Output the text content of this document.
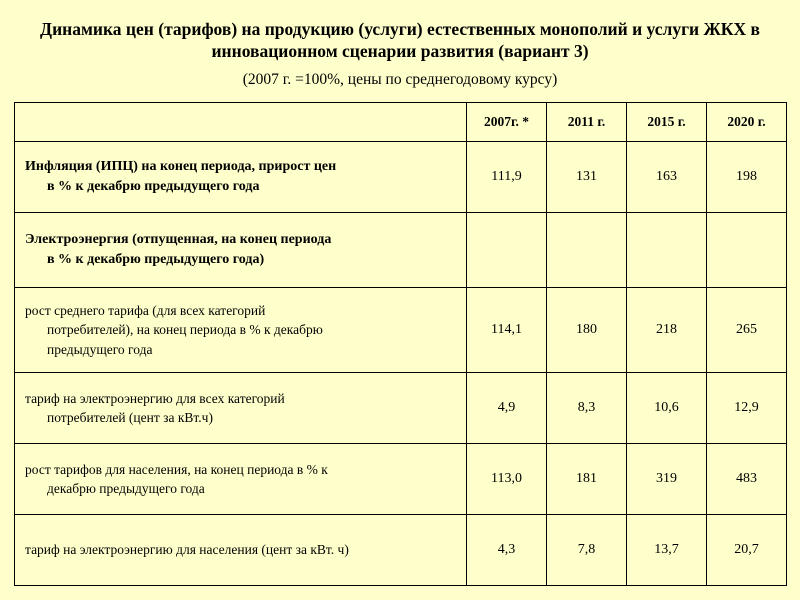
Динамика цен (тарифов) на продукцию (услуги) естественных монополий и услуги ЖКХ в инновационном сценарии развития (вариант 3)
(2007 г. =100%, цены по среднегодовому курсу)
	2007г. *	2011 г.	2015 г.	2020 г.
Инфляция (ИПЦ) на конец периода, прирост цен
в % к декабрю предыдущего года	111,9	131	163	198
Электроэнергия (отпущенная, на конец периода
в % к декабрю предыдущего года)				

рост среднего тарифа (для всех категорий
потребителей), на конец периода в % к декабрю
предыдущего года	114,1	180	218	265
тариф на электроэнергию для всех категорий
потребителей (цент за кВт.ч)	4,9	8,3	10,6	12,9
рост тарифов для населения, на конец периода в % к
декабрю предыдущего года	113,0	181	319	483
тариф на электроэнергию для населения (цент за кВт. ч)	4,3	7,8	13,7	20,7
